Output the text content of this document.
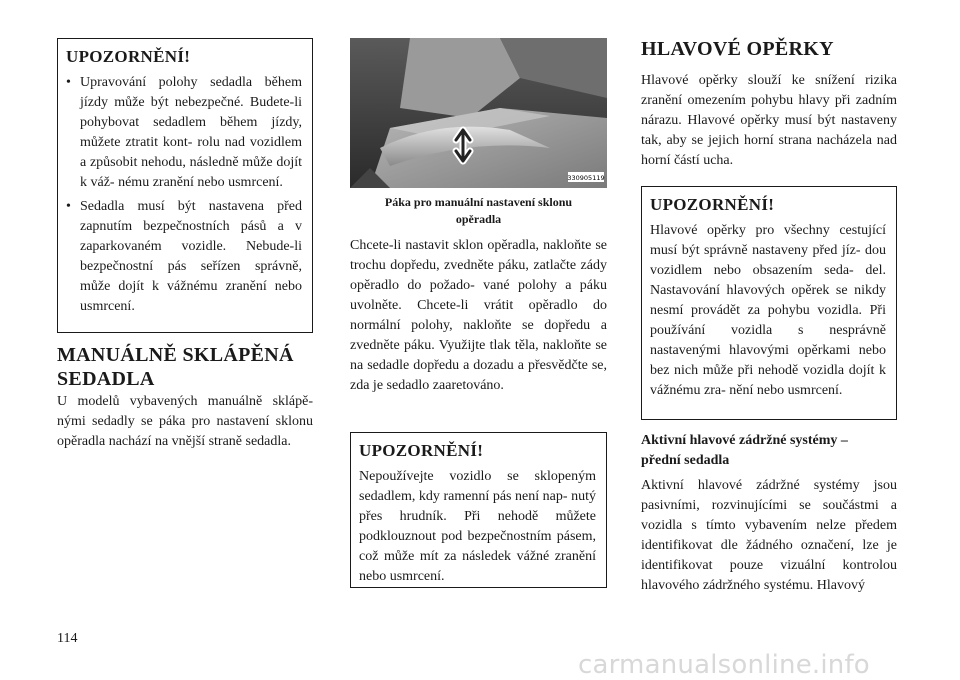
UPOZORNĚNÍ!

• Upravování polohy sedadla během jízdy může být nebezpečné. Budete-li pohybovat sedadlem během jízdy, můžete ztratit kont- rolu nad vozidlem a způsobit nehodu, následně může dojít k váž- nému zranění nebo usmrcení.
• Sedadla musí být nastavena před zapnutím bezpečnostních pásů a v zaparkovaném vozidle. Nebude-li bezpečnostní pás seřízen správně, může dojít k vážnému zranění nebo usmrcení.
MANUÁLNĚ SKLÁPĚNÁ
SEDADLA

U modelů vybavených manuálně sklápě- nými sedadly se páka pro nastavení sklonu opěradla nachází na vnější straně sedadla.

330905119
Páka pro manuální nastavení sklonu
opěradla

Chcete-li nastavit sklon opěradla, nakloňte se trochu dopředu, zvedněte páku, zatlačte zády opěradlo do požado- vané polohy a páku uvolněte. Chcete-li vrátit opěradlo do normální polohy, nakloňte se dopředu a zvedněte páku. Využijte tlak těla, nakloňte se na sedadle dopředu a dozadu a přesvědčte se, zda je sedadlo zaaretováno.

UPOZORNĚNÍ!

Nepoužívejte vozidlo se sklopeným sedadlem, kdy ramenní pás není nap- nutý přes hrudník. Při nehodě můžete podklouznout pod bezpečnostním pásem, což může mít za následek vážné zranění nebo usmrcení.

HLAVOVÉ OPĚRKY

Hlavové opěrky slouží ke snížení rizika zranění omezením pohybu hlavy při zadním nárazu. Hlavové opěrky musí být nastaveny tak, aby se jejich horní strana nacházela nad horní částí ucha.

UPOZORNĚNÍ!

Hlavové opěrky pro všechny cestující musí být správně nastaveny před jíz- dou vozidlem nebo obsazením seda- del. Nastavování hlavových opěrek se nikdy nesmí provádět za pohybu vozidla. Při používání vozidla s nesprávně nastavenými hlavovými opěrkami nebo bez nich může při nehodě vozidla dojít k vážnému zra- nění nebo usmrcení.

Aktivní hlavové zádržné systémy –
přední sedadla

Aktivní hlavové zádržné systémy jsou pasivními, rozvinujícími se součástmi a vozidla s tímto vybavením nelze předem identifikovat dle žádného označení, lze je identifikovat pouze vizuální kontrolou hlavového zádržného systému. Hlavový

114
carmanualsonline.info
